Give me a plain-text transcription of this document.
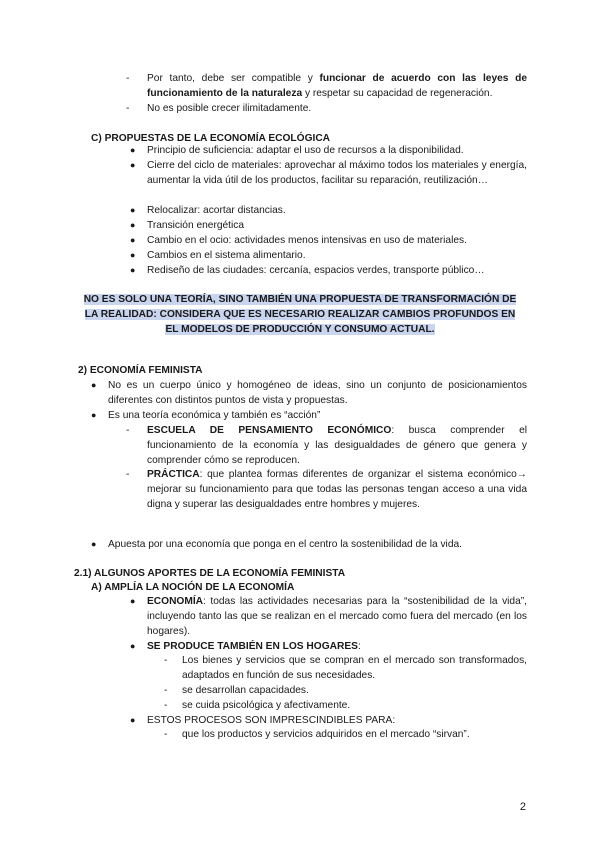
- Por tanto, debe ser compatible y funcionar de acuerdo con las leyes de funcionamiento de la naturaleza y respetar su capacidad de regeneración.
- No es posible crecer ilimitadamente.
C) PROPUESTAS DE LA ECONOMÍA ECOLÓGICA
● Principio de suficiencia: adaptar el uso de recursos a la disponibilidad.
● Cierre del ciclo de materiales: aprovechar al máximo todos los materiales y energía, aumentar la vida útil de los productos, facilitar su reparación, reutilización…
● Relocalizar: acortar distancias.
● Transición energética
● Cambio en el ocio: actividades menos intensivas en uso de materiales.
● Cambios en el sistema alimentario.
● Rediseño de las ciudades: cercanía, espacios verdes, transporte público…
NO ES SOLO UNA TEORÍA, SINO TAMBIÉN UNA PROPUESTA DE TRANSFORMACIÓN DE
LA REALIDAD: CONSIDERA QUE ES NECESARIO REALIZAR CAMBIOS PROFUNDOS EN
EL MODELOS DE PRODUCCIÓN Y CONSUMO ACTUAL.
2) ECONOMÍA FEMINISTA
● No es un cuerpo único y homogéneo de ideas, sino un conjunto de posicionamientos diferentes con distintos puntos de vista y propuestas.
● Es una teoría económica y también es “acción”
- ESCUELA DE PENSAMIENTO ECONÓMICO: busca comprender el funcionamiento de la economía y las desigualdades de género que genera y comprender cómo se reproducen.
- PRÁCTICA: que plantea formas diferentes de organizar el sistema económico→ mejorar su funcionamiento para que todas las personas tengan acceso a una vida digna y superar las desigualdades entre hombres y mujeres.
● Apuesta por una economía que ponga en el centro la sostenibilidad de la vida.
2.1) ALGUNOS APORTES DE LA ECONOMÍA FEMINISTA
A) AMPLÍA LA NOCIÓN DE LA ECONOMÍA
● ECONOMÍA: todas las actividades necesarias para la “sostenibilidad de la vida”, incluyendo tanto las que se realizan en el mercado como fuera del mercado (en los hogares).
● SE PRODUCE TAMBIÉN EN LOS HOGARES:
- Los bienes y servicios que se compran en el mercado son transformados, adaptados en función de sus necesidades.
- se desarrollan capacidades.
- se cuida psicológica y afectivamente.
● ESTOS PROCESOS SON IMPRESCINDIBLES PARA:
- que los productos y servicios adquiridos en el mercado “sirvan”.
2
